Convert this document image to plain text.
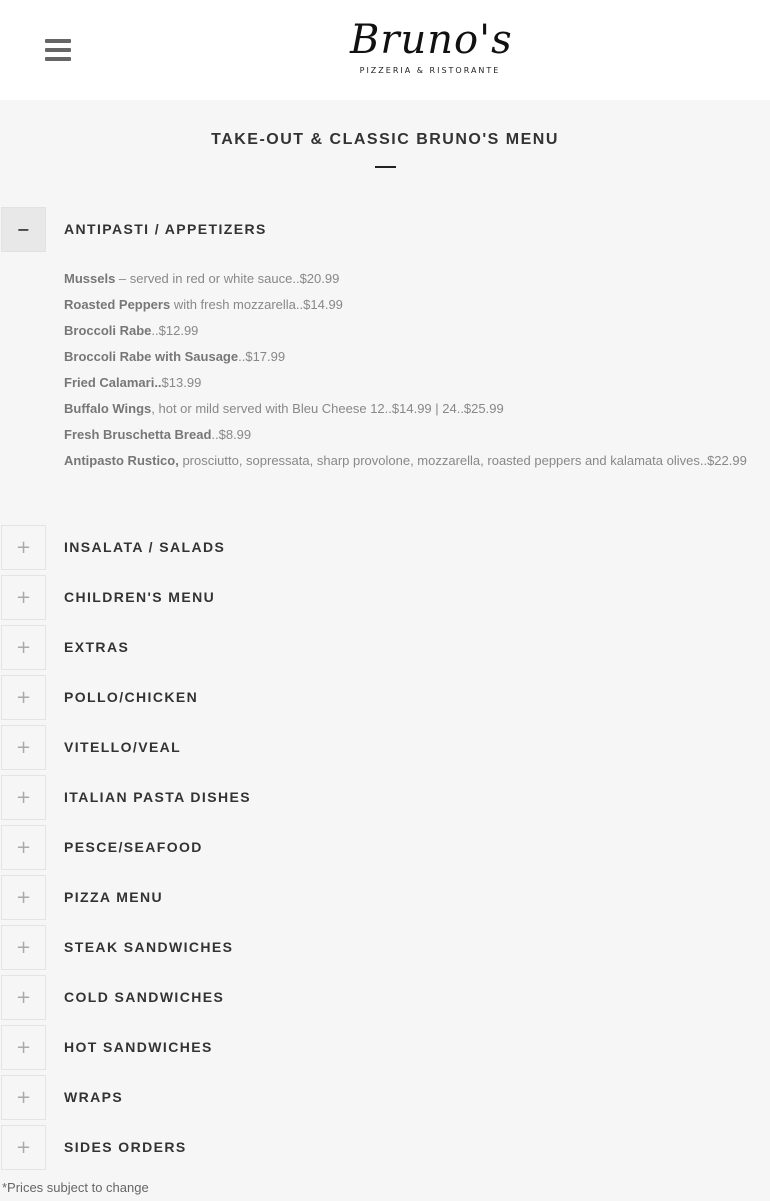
Bruno's
PIZZERIA & RISTORANTE
TAKE-OUT & CLASSIC BRUNO'S MENU
− ANTIPASTI / APPETIZERS
Mussels – served in red or white sauce..$20.99
Roasted Peppers with fresh mozzarella..$14.99
Broccoli Rabe..$12.99
Broccoli Rabe with Sausage..$17.99
Fried Calamari..$13.99
Buffalo Wings, hot or mild served with Bleu Cheese 12..$14.99 | 24..$25.99
Fresh Bruschetta Bread..$8.99
Antipasto Rustico, prosciutto, sopressata, sharp provolone, mozzarella, roasted peppers and kalamata olives..$22.99
+ INSALATA / SALADS
+ CHILDREN'S MENU
+ EXTRAS
+ POLLO/CHICKEN
+ VITELLO/VEAL
+ ITALIAN PASTA DISHES
+ PESCE/SEAFOOD
+ PIZZA MENU
+ STEAK SANDWICHES
+ COLD SANDWICHES
+ HOT SANDWICHES
+ WRAPS
+ SIDES ORDERS
*Prices subject to change
